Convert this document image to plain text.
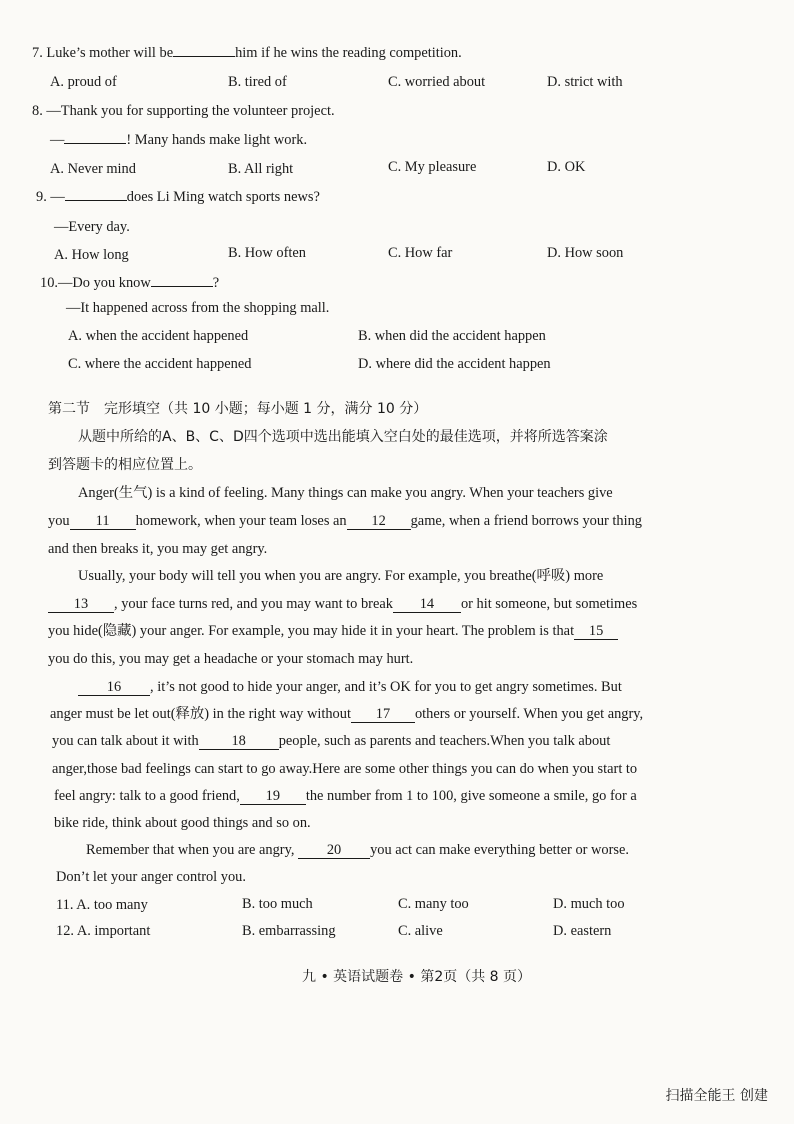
7. Luke’s mother will be	him if he wins the reading competition.
A. proud of	B. tired of	C. worried about	D. strict with
8. —Thank you for supporting the volunteer project.
—	! Many hands make light work.
A. Never mind	B. All right	C. My pleasure	D. OK
9. —	does Li Ming watch sports news?
—Every day.
A. How long	B. How often	C. How far	D. How soon
10.—Do you know	?
—It happened across from the shopping mall.
A. when the accident happened	B. when did the accident happen
C. where the accident happened	D. where did the accident happen
第二节　完形填空（共 10 小题；每小题 1 分，满分 10 分）
从题中所给的A、B、C、D四个选项中选出能填入空白处的最佳选项，并将所选答案涂
到答题卡的相应位置上。
Anger(生气) is a kind of feeling. Many things can make you angry. When your teachers give
you 11 homework, when your team loses an 12 game, when a friend borrows your thing
and then breaks it, you may get angry.
Usually, your body will tell you when you are angry. For example, you breathe(呼吸) more
13 , your face turns red, and you may want to break 14 or hit someone, but sometimes
you hide(隐藏) your anger. For example, you may hide it in your heart. The problem is that 15
you do this, you may get a headache or your stomach may hurt.
16 , it’s not good to hide your anger, and it’s OK for you to get angry sometimes. But
anger must be let out(释放) in the right way without 17 others or yourself. When you get angry,
you can talk about it with 18 people, such as parents and teachers.When you talk about
anger,those bad feelings can start to go away.Here are some other things you can do when you start to
feel angry: talk to a good friend, 19 the number from 1 to 100, give someone a smile, go for a
bike ride, think about good things and so on.
Remember that when you are angry, 20 you act can make everything better or worse.
Don’t let your anger control you.
11. A. too many	B. too much	C. many too	D. much too
12. A. important	B. embarrassing	C. alive	D. eastern
九 • 英语试题卷 • 第2页（共 8 页）
扫描全能王 创建
